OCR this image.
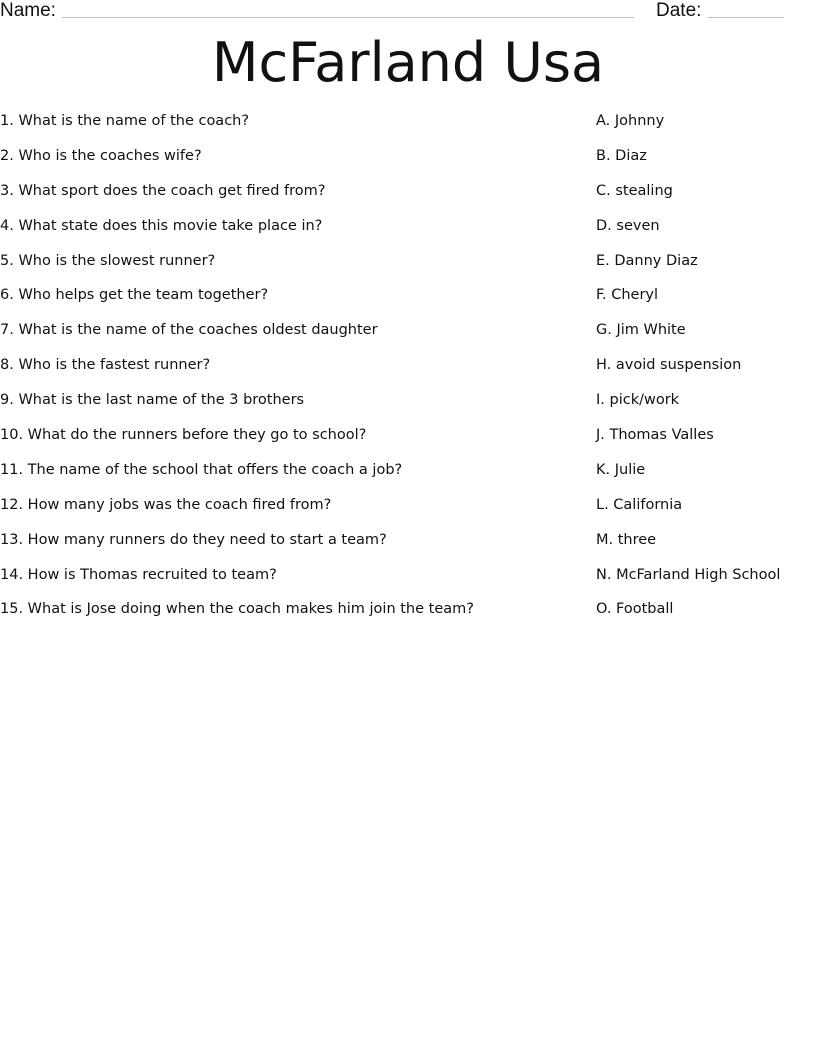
Name:	Date:
McFarland Usa
1. What is the name of the coach?
2. Who is the coaches wife?
3. What sport does the coach get fired from?
4. What state does this movie take place in?
5. Who is the slowest runner?
6. Who helps get the team together?
7. What is the name of the coaches oldest daughter
8. Who is the fastest runner?
9. What is the last name of the 3 brothers
10. What do the runners before they go to school?
11. The name of the school that offers the coach a job?
12. How many jobs was the coach fired from?
13. How many runners do they need to start a team?
14. How is Thomas recruited to team?
15. What is Jose doing when the coach makes him join the team?
A. Johnny
B. Diaz
C. stealing
D. seven
E. Danny Diaz
F. Cheryl
G. Jim White
H. avoid suspension
I. pick/work
J. Thomas Valles
K. Julie
L. California
M. three
N. McFarland High School
O. Football
